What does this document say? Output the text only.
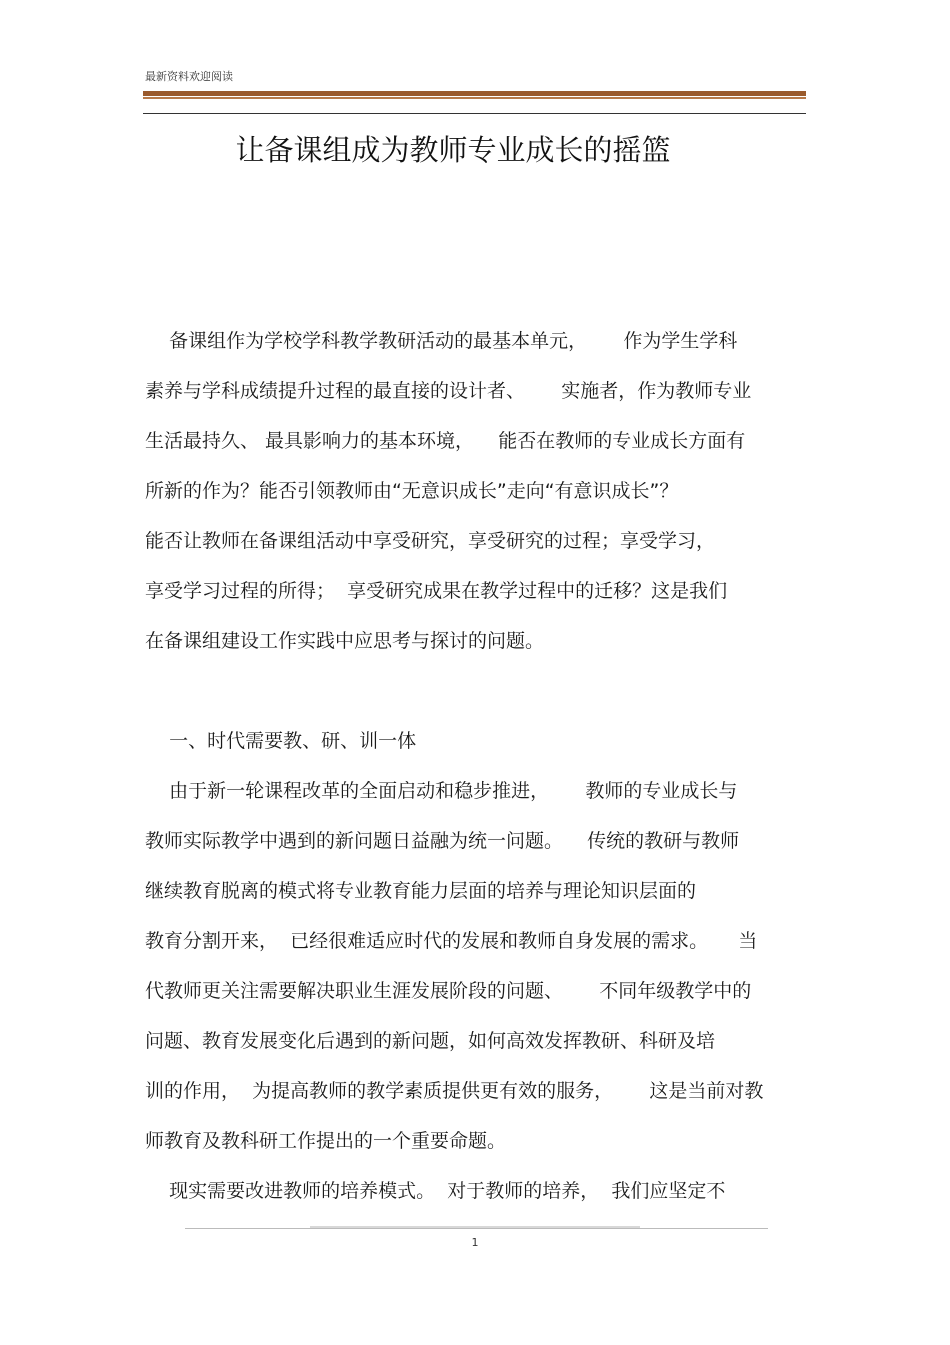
最新资料欢迎阅读
让备课组成为教师专业成长的摇篮
备课组作为学校学科教学教研活动的最基本单元，      作为学生学科
素养与学科成绩提升过程的最直接的设计者、      实施者，作为教师专业
生活最持久、 最具影响力的基本环境，    能否在教师的专业成长方面有
所新的作为？能否引领教师由“无意识成长”走向“有意识成长”？
能否让教师在备课组活动中享受研究，享受研究的过程；享受学习，
享受学习过程的所得；  享受研究成果在教学过程中的迁移？这是我们
在备课组建设工作实践中应思考与探讨的问题。
一、时代需要教、研、训一体
由于新一轮课程改革的全面启动和稳步推进，      教师的专业成长与
教师实际教学中遇到的新问题日益融为统一问题。    传统的教研与教师
继续教育脱离的模式将专业教育能力层面的培养与理论知识层面的
教育分割开来，  已经很难适应时代的发展和教师自身发展的需求。     当
代教师更关注需要解决职业生涯发展阶段的问题、      不同年级教学中的
问题、教育发展变化后遇到的新问题，如何高效发挥教研、科研及培
训的作用，  为提高教师的教学素质提供更有效的服务，      这是当前对教
师教育及教科研工作提出的一个重要命题。
现实需要改进教师的培养模式。  对于教师的培养，  我们应坚定不
1
